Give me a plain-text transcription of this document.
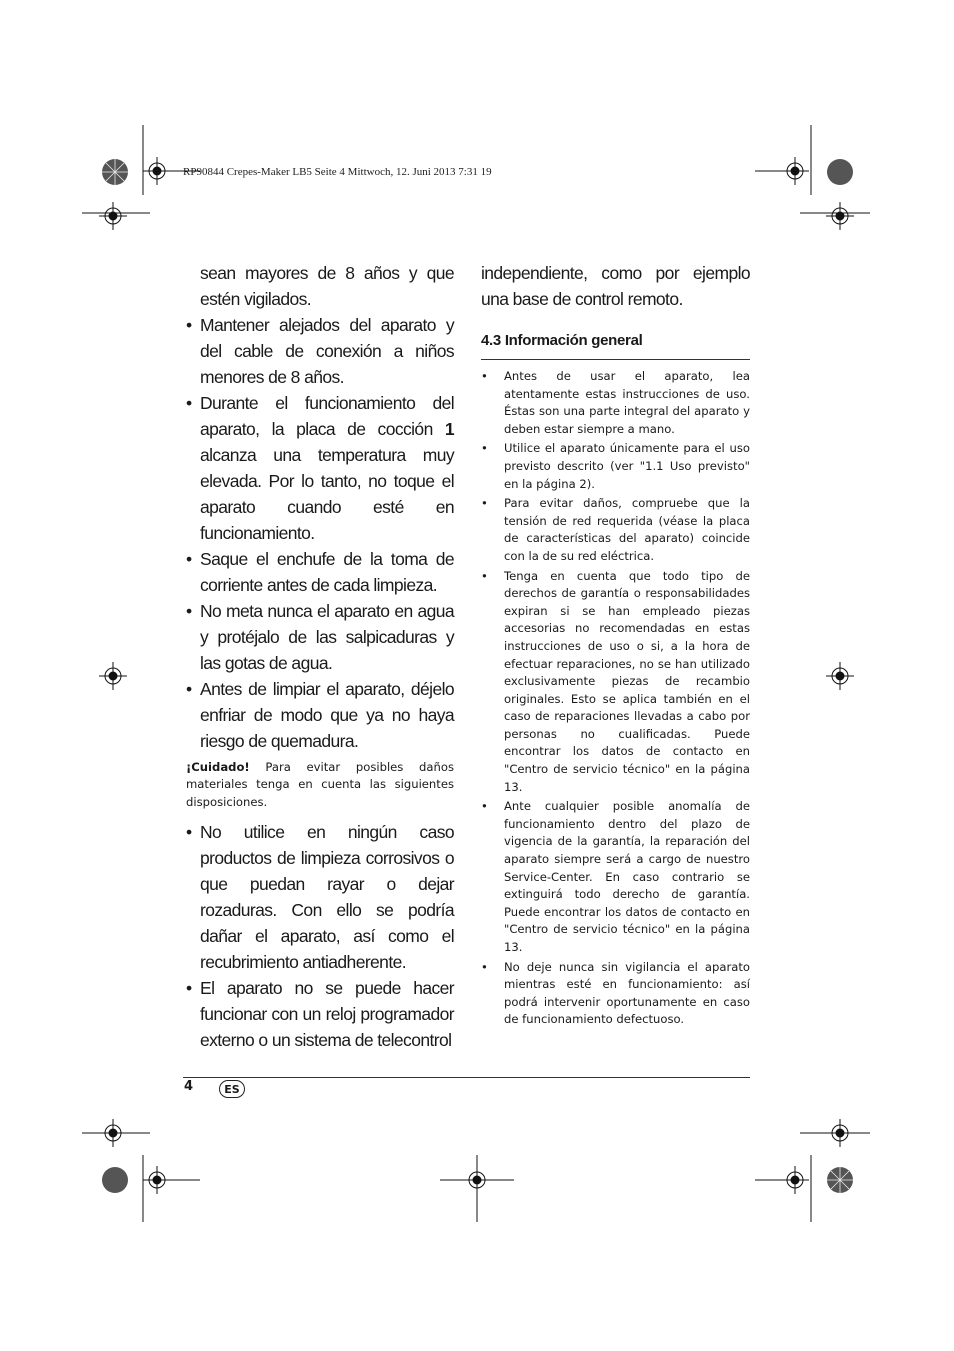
RP90844 Crepes-Maker LB5 Seite 4 Mittwoch, 12. Juni 2013 7:31 19
sean mayores de 8 años y que estén vigilados.
• Mantener alejados del aparato y del cable de conexión a niños menores de 8 años.
• Durante el funcionamiento del aparato, la placa de cocción 1 alcanza una temperatura muy elevada. Por lo tanto, no toque el aparato cuando esté en funcionamiento.
• Saque el enchufe de la toma de corriente antes de cada limpieza.
• No meta nunca el aparato en agua y protéjalo de las salpicaduras y las gotas de agua.
• Antes de limpiar el aparato, déjelo enfriar de modo que ya no haya riesgo de quemadura.

¡Cuidado! Para evitar posibles daños materiales tenga en cuenta las siguientes disposiciones.

• No utilice en ningún caso productos de limpieza corrosivos o que puedan rayar o dejar rozaduras. Con ello se podría dañar el aparato, así como el recubrimiento antiadherente.
• El aparato no se puede hacer funcionar con un reloj programador externo o un sistema de telecontrol
independiente, como por ejemplo una base de control remoto.
4.3 Información general
•	Antes de usar el aparato, lea atentamente estas instrucciones de uso. Éstas son una parte integral del aparato y deben estar siempre a mano.
•	Utilice el aparato únicamente para el uso previsto descrito (ver "1.1 Uso previsto" en la página 2).
•	Para evitar daños, compruebe que la tensión de red requerida (véase la placa de características del aparato) coincide con la de su red eléctrica.
•	Tenga en cuenta que todo tipo de derechos de garantía o responsabilidades expiran si se han empleado piezas accesorias no recomendadas en estas instrucciones de uso o si, a la hora de efectuar reparaciones, no se han utilizado exclusivamente piezas de recambio originales. Esto se aplica también en el caso de reparaciones llevadas a cabo por personas no cualificadas. Puede encontrar los datos de contacto en "Centro de servicio técnico" en la página 13.
•	Ante cualquier posible anomalía de funcionamiento dentro del plazo de vigencia de la garantía, la reparación del aparato siempre será a cargo de nuestro Service-Center. En caso contrario se extinguirá todo derecho de garantía. Puede encontrar los datos de contacto en "Centro de servicio técnico" en la página 13.
•	No deje nunca sin vigilancia el aparato mientras esté en funcionamiento: así podrá intervenir oportunamente en caso de funcionamiento defectuoso.
4	ES
